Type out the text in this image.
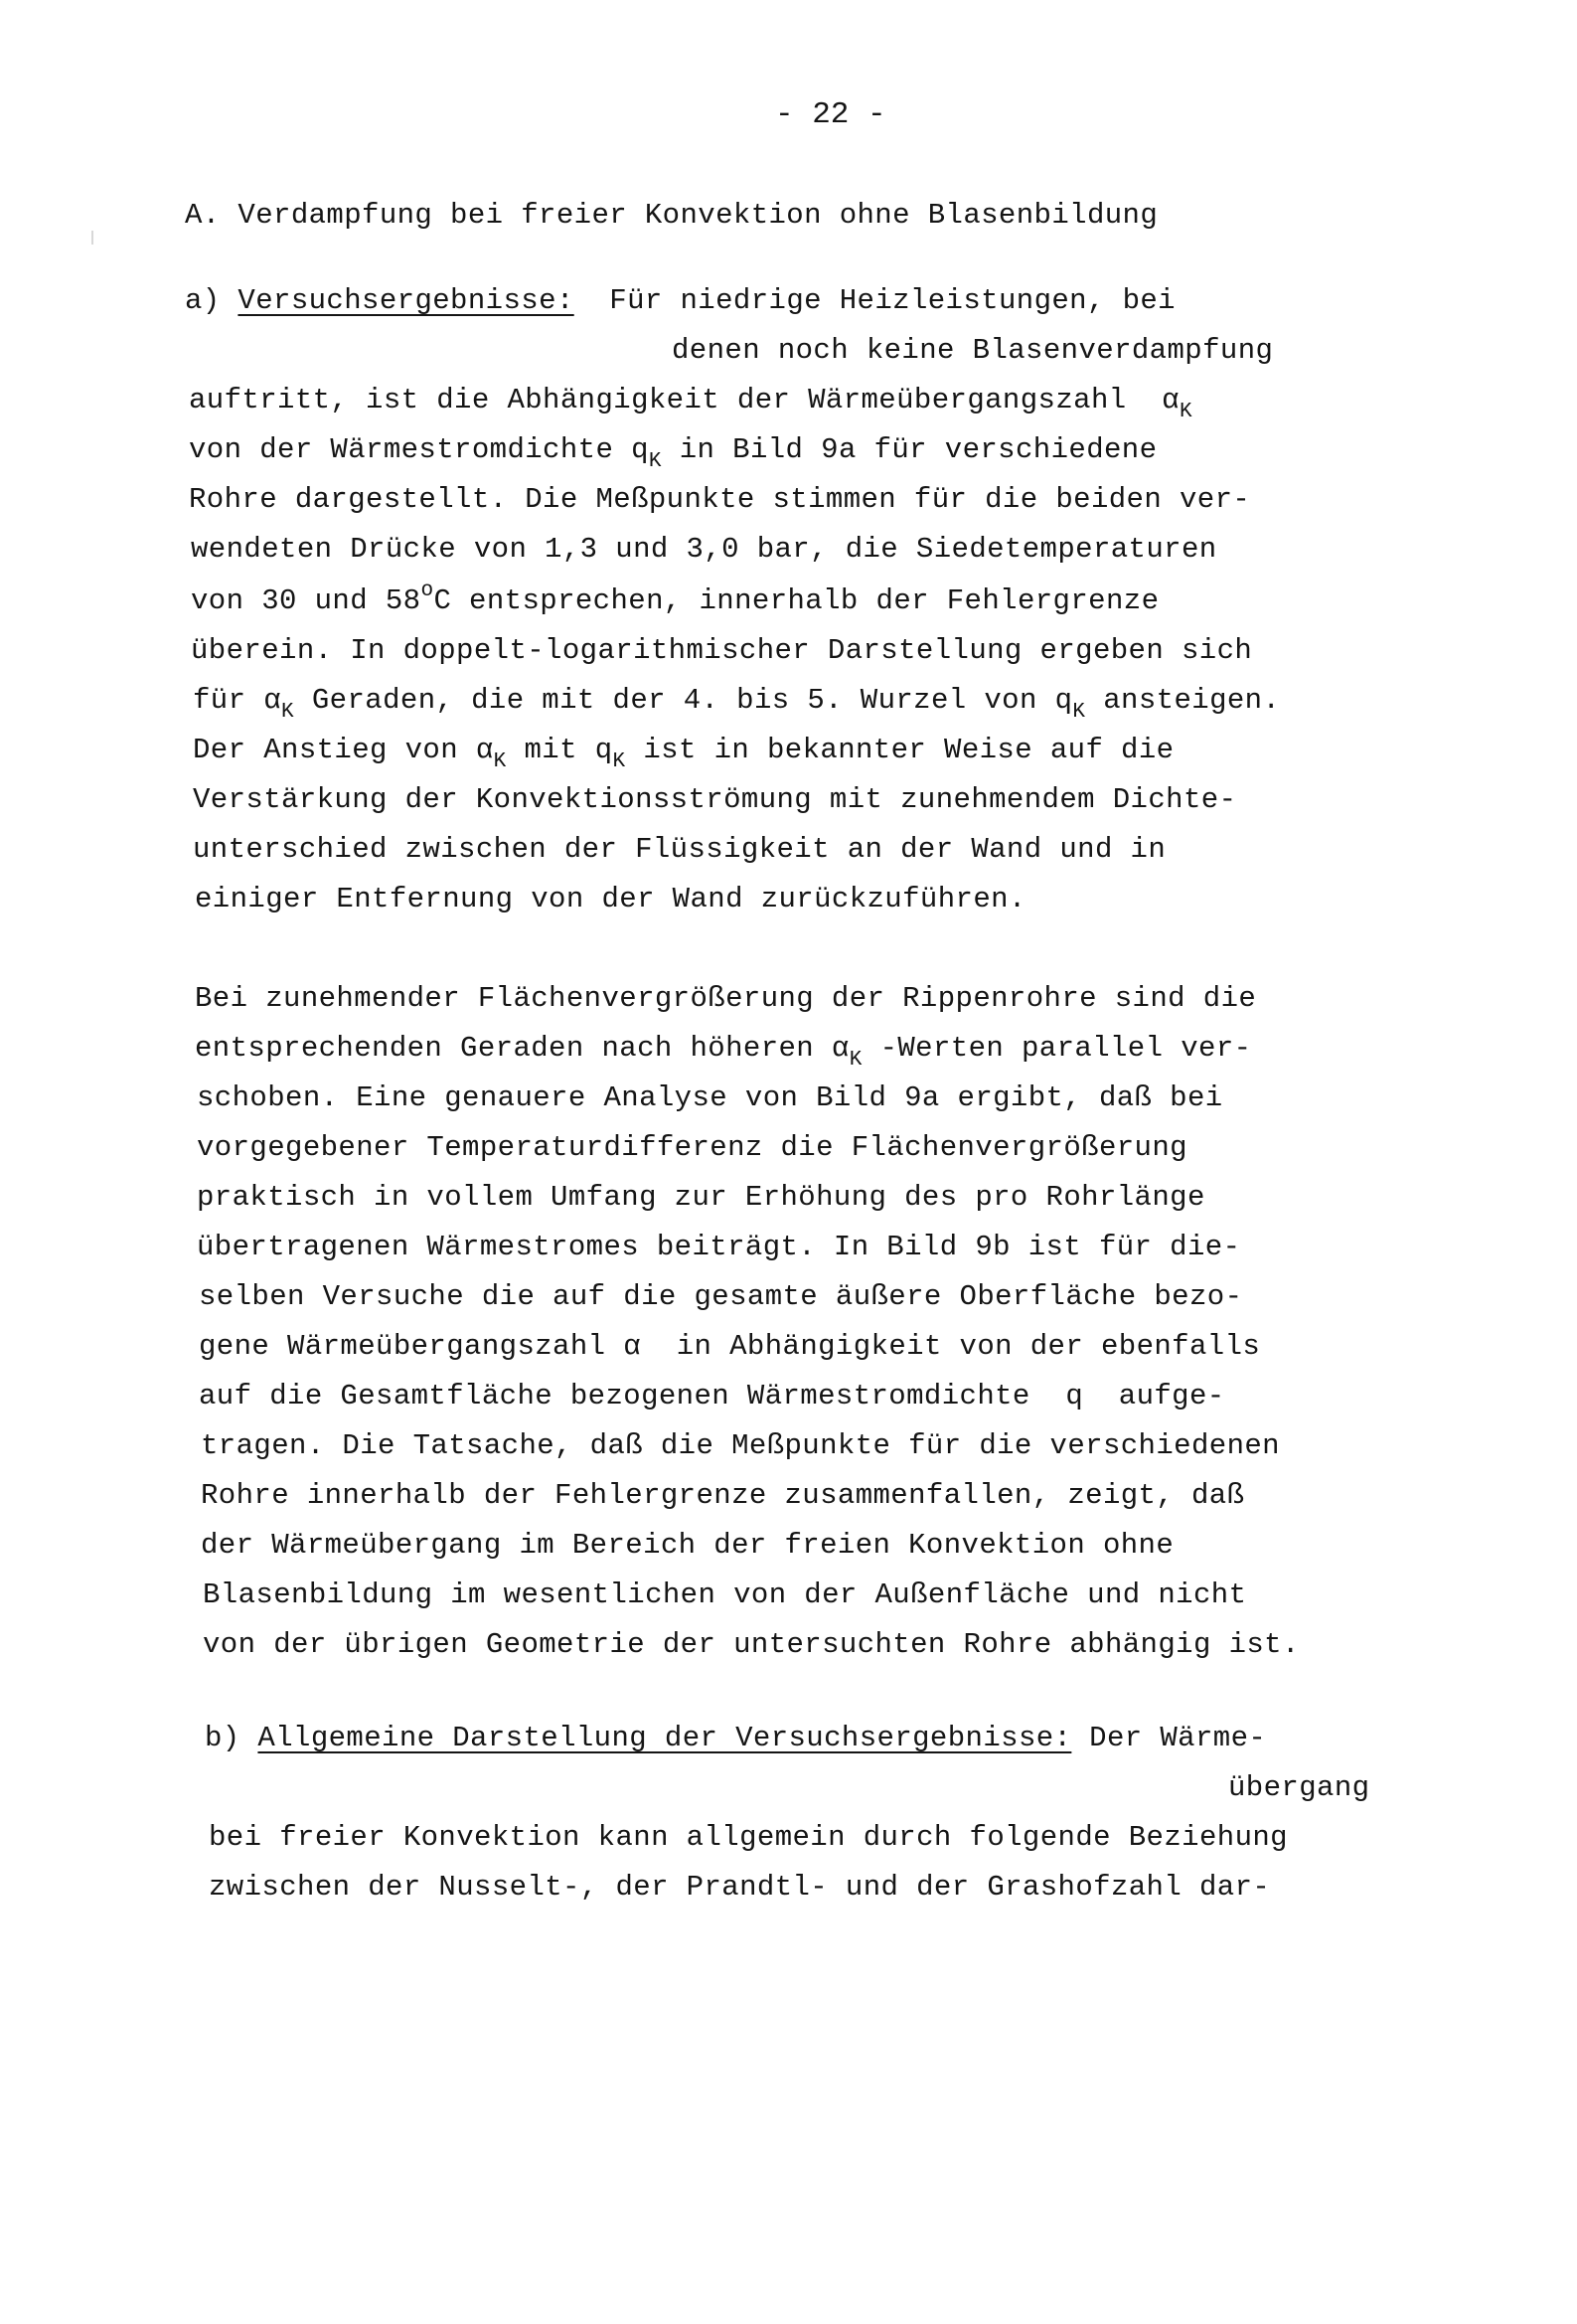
- 22 -
A. Verdampfung bei freier Konvektion ohne Blasenbildung
a) Versuchsergebnisse: Für niedrige Heizleistungen, bei
denen noch keine Blasenverdampfung
auftritt, ist die Abhängigkeit der Wärmeübergangszahl $\alpha_K$
von der Wärmestromdichte $q_K$ in Bild 9a für verschiedene
Rohre dargestellt. Die Meßpunkte stimmen für die beiden ver-
wendeten Drücke von 1,3 und 3,0 bar, die Siedetemperaturen
von 30 und 58$^o$C entsprechen, innerhalb der Fehlergrenze
überein. In doppelt-logarithmischer Darstellung ergeben sich
für $\alpha_K$ Geraden, die mit der 4. bis 5. Wurzel von $q_K$ ansteigen.
Der Anstieg von $\alpha_K$ mit $q_K$ ist in bekannter Weise auf die
Verstärkung der Konvektionsströmung mit zunehmendem Dichte-
unterschied zwischen der Flüssigkeit an der Wand und in
einiger Entfernung von der Wand zurückzuführen.
Bei zunehmender Flächenvergrößerung der Rippenrohre sind die
entsprechenden Geraden nach höheren $\alpha_K$ -Werten parallel ver-
schoben. Eine genauere Analyse von Bild 9a ergibt, daß bei
vorgegebener Temperaturdifferenz die Flächenvergrößerung
praktisch in vollem Umfang zur Erhöhung des pro Rohrlänge
übertragenen Wärmestromes beiträgt. In Bild 9b ist für die-
selben Versuche die auf die gesamte äußere Oberfläche bezo-
gene Wärmeübergangszahl α in Abhängigkeit von der ebenfalls
auf die Gesamtfläche bezogenen Wärmestromdichte q aufge-
tragen. Die Tatsache, daß die Meßpunkte für die verschiedenen
Rohre innerhalb der Fehlergrenze zusammenfallen, zeigt, daß
der Wärmeübergang im Bereich der freien Konvektion ohne
Blasenbildung im wesentlichen von der Außenfläche und nicht
von der übrigen Geometrie der untersuchten Rohre abhängig ist.
b) Allgemeine Darstellung der Versuchsergebnisse: Der Wärme-
übergang
bei freier Konvektion kann allgemein durch folgende Beziehung
zwischen der Nusselt-, der Prandtl- und der Grashofzahl dar-
